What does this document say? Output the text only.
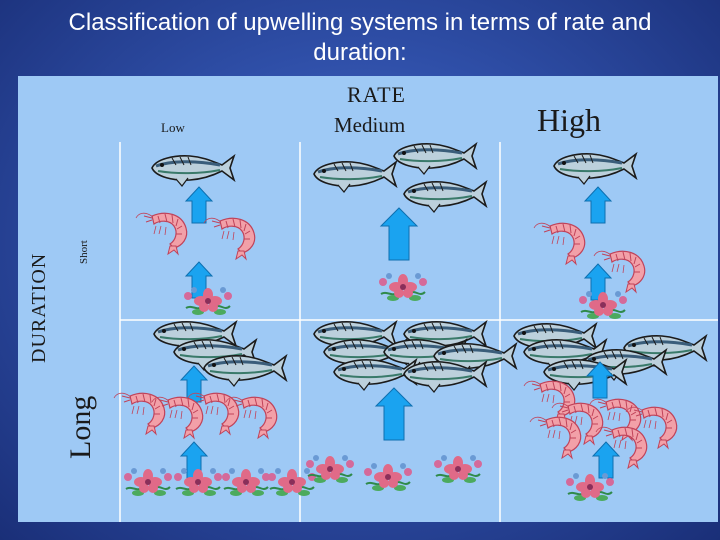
Classification of upwelling systems in terms of rate and duration:
RATE
Low	Medium	High
DURATION
Short
Long
